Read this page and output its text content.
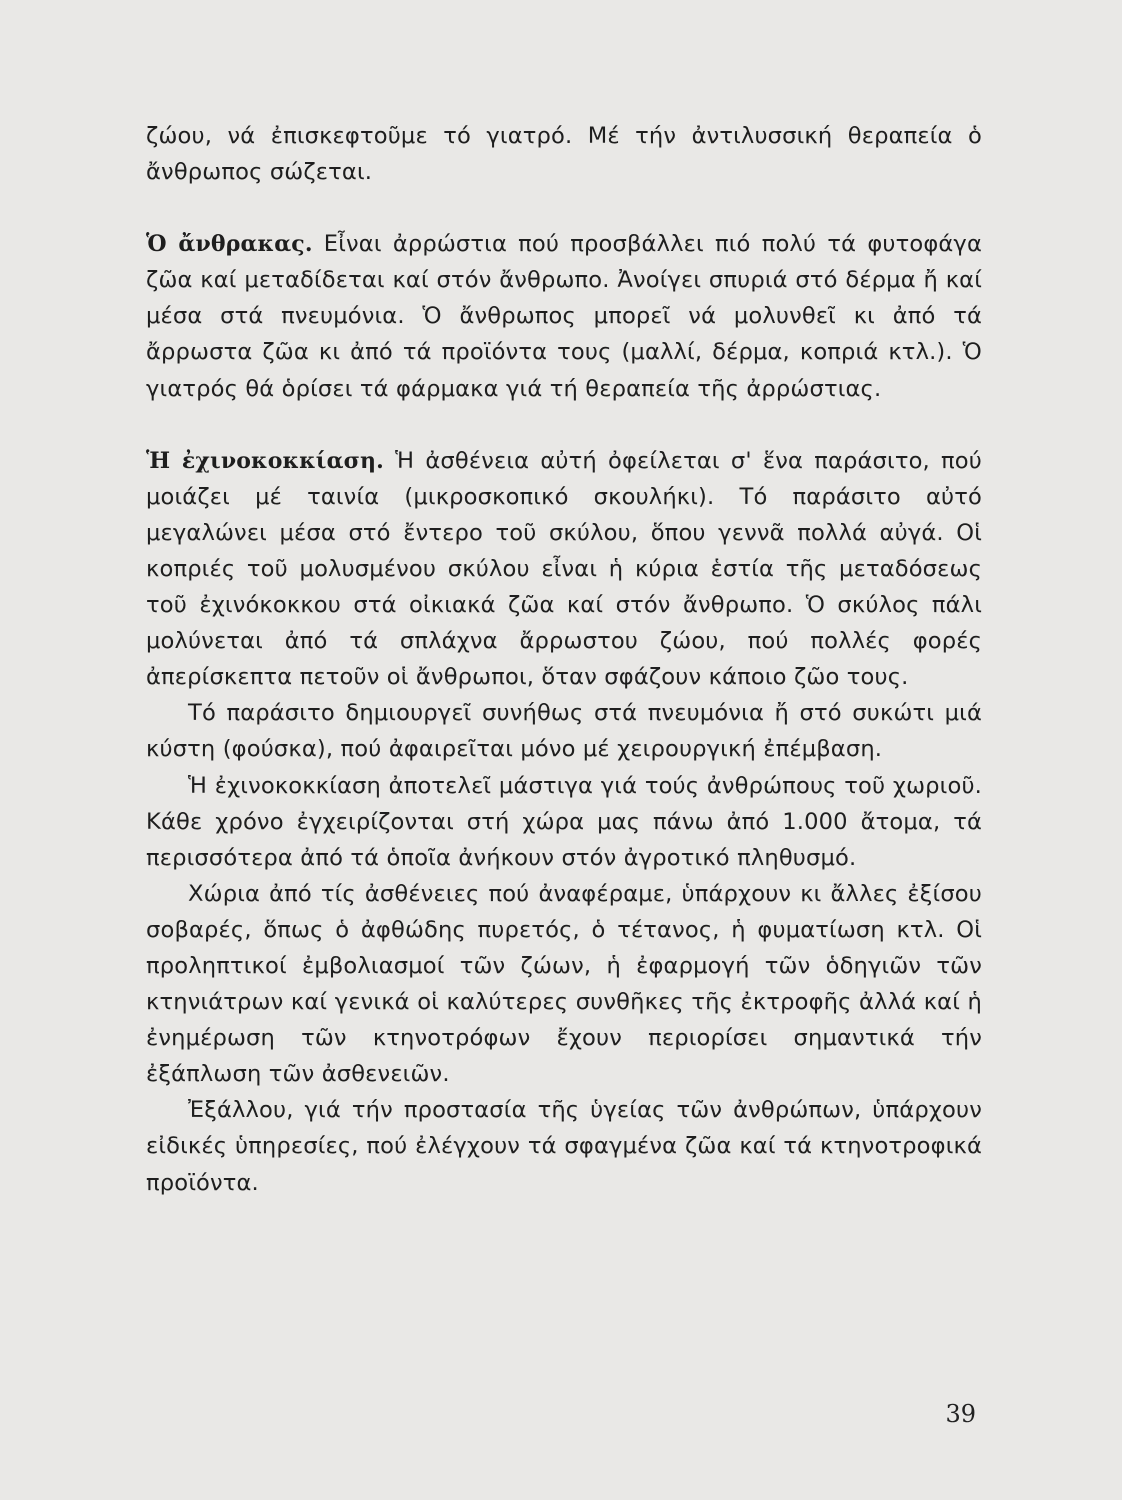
ζώου, νά ἐπισκεφτοῦμε τό γιατρό. Μέ τήν ἀντιλυσσική θεραπεία ὁ ἄνθρωπος σώζεται.

Ὁ ἄνθρακας. Εἶναι ἀρρώστια πού προσβάλλει πιό πολύ τά φυτοφάγα ζῶα καί μεταδίδεται καί στόν ἄνθρωπο. Ἀνοίγει σπυριά στό δέρμα ἤ καί μέσα στά πνευμόνια. Ὁ ἄνθρωπος μπορεῖ νά μολυνθεῖ κι ἀπό τά ἄρρωστα ζῶα κι ἀπό τά προϊόντα τους (μαλλί, δέρμα, κοπριά κτλ.). Ὁ γιατρός θά ὁρίσει τά φάρμακα γιά τή θεραπεία τῆς ἀρρώστιας.

Ἡ ἐχινοκοκκίαση. Ἡ ἀσθένεια αὐτή ὀφείλεται σ' ἕνα παράσιτο, πού μοιάζει μέ ταινία (μικροσκοπικό σκουλήκι). Τό παράσιτο αὐτό μεγαλώνει μέσα στό ἔντερο τοῦ σκύλου, ὅπου γεννᾶ πολλά αὐγά. Οἱ κοπριές τοῦ μολυσμένου σκύλου εἶναι ἡ κύρια ἑστία τῆς μεταδόσεως τοῦ ἐχινόκοκκου στά οἰκιακά ζῶα καί στόν ἄνθρωπο. Ὁ σκύλος πάλι μολύνεται ἀπό τά σπλάχνα ἄρρωστου ζώου, πού πολλές φορές ἀπερίσκεπτα πετοῦν οἱ ἄνθρωποι, ὅταν σφάζουν κάποιο ζῶο τους.

Τό παράσιτο δημιουργεῖ συνήθως στά πνευμόνια ἤ στό συκώτι μιά κύστη (φούσκα), πού ἀφαιρεῖται μόνο μέ χειρουργική ἐπέμβαση.

Ἡ ἐχινοκοκκίαση ἀποτελεῖ μάστιγα γιά τούς ἀνθρώπους τοῦ χωριοῦ. Κάθε χρόνο ἐγχειρίζονται στή χώρα μας πάνω ἀπό 1.000 ἄτομα, τά περισσότερα ἀπό τά ὁποῖα ἀνήκουν στόν ἀγροτικό πληθυσμό.

Χώρια ἀπό τίς ἀσθένειες πού ἀναφέραμε, ὑπάρχουν κι ἄλλες ἐξίσου σοβαρές, ὅπως ὁ ἀφθώδης πυρετός, ὁ τέτανος, ἡ φυματίωση κτλ. Οἱ προληπτικοί ἐμβολιασμοί τῶν ζώων, ἡ ἐφαρμογή τῶν ὁδηγιῶν τῶν κτηνιάτρων καί γενικά οἱ καλύτερες συνθῆκες τῆς ἐκτροφῆς ἀλλά καί ἡ ἐνημέρωση τῶν κτηνοτρόφων ἔχουν περιορίσει σημαντικά τήν ἐξάπλωση τῶν ἀσθενειῶν.

Ἐξάλλου, γιά τήν προστασία τῆς ὑγείας τῶν ἀνθρώπων, ὑπάρχουν εἰδικές ὑπηρεσίες, πού ἐλέγχουν τά σφαγμένα ζῶα καί τά κτηνοτροφικά προϊόντα.

39
